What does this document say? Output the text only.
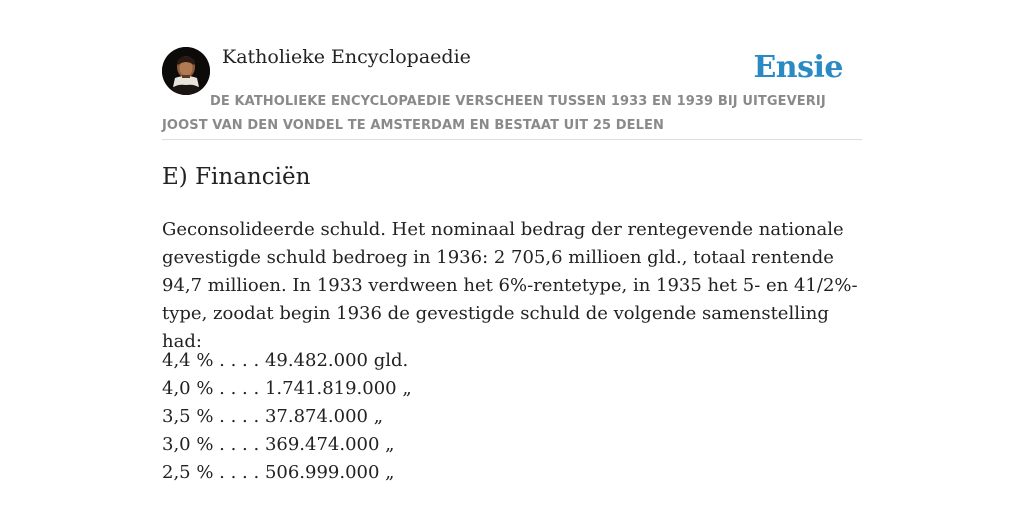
Katholieke Encyclopaedie	Ensie
DE KATHOLIEKE ENCYCLOPAEDIE VERSCHEEN TUSSEN 1933 EN 1939 BIJ UITGEVERIJ JOOST VAN DEN VONDEL TE AMSTERDAM EN BESTAAT UIT 25 DELEN
E) Financiën

Geconsolideerde schuld. Het nominaal bedrag der rentegevende nationale gevestigde schuld bedroeg in 1936: 2 705,6 millioen gld., totaal rentende 94,7 millioen. In 1933 verdween het 6%-rentetype, in 1935 het 5- en 41/2%-type, zoodat begin 1936 de gevestigde schuld de volgende samenstelling had:

4,4 % . . . . 49.482.000 gld.
4,0 % . . . . 1.741.819.000 „
3,5 % . . . . 37.874.000 „
3,0 % . . . . 369.474.000 „
2,5 % . . . . 506.999.000 „
